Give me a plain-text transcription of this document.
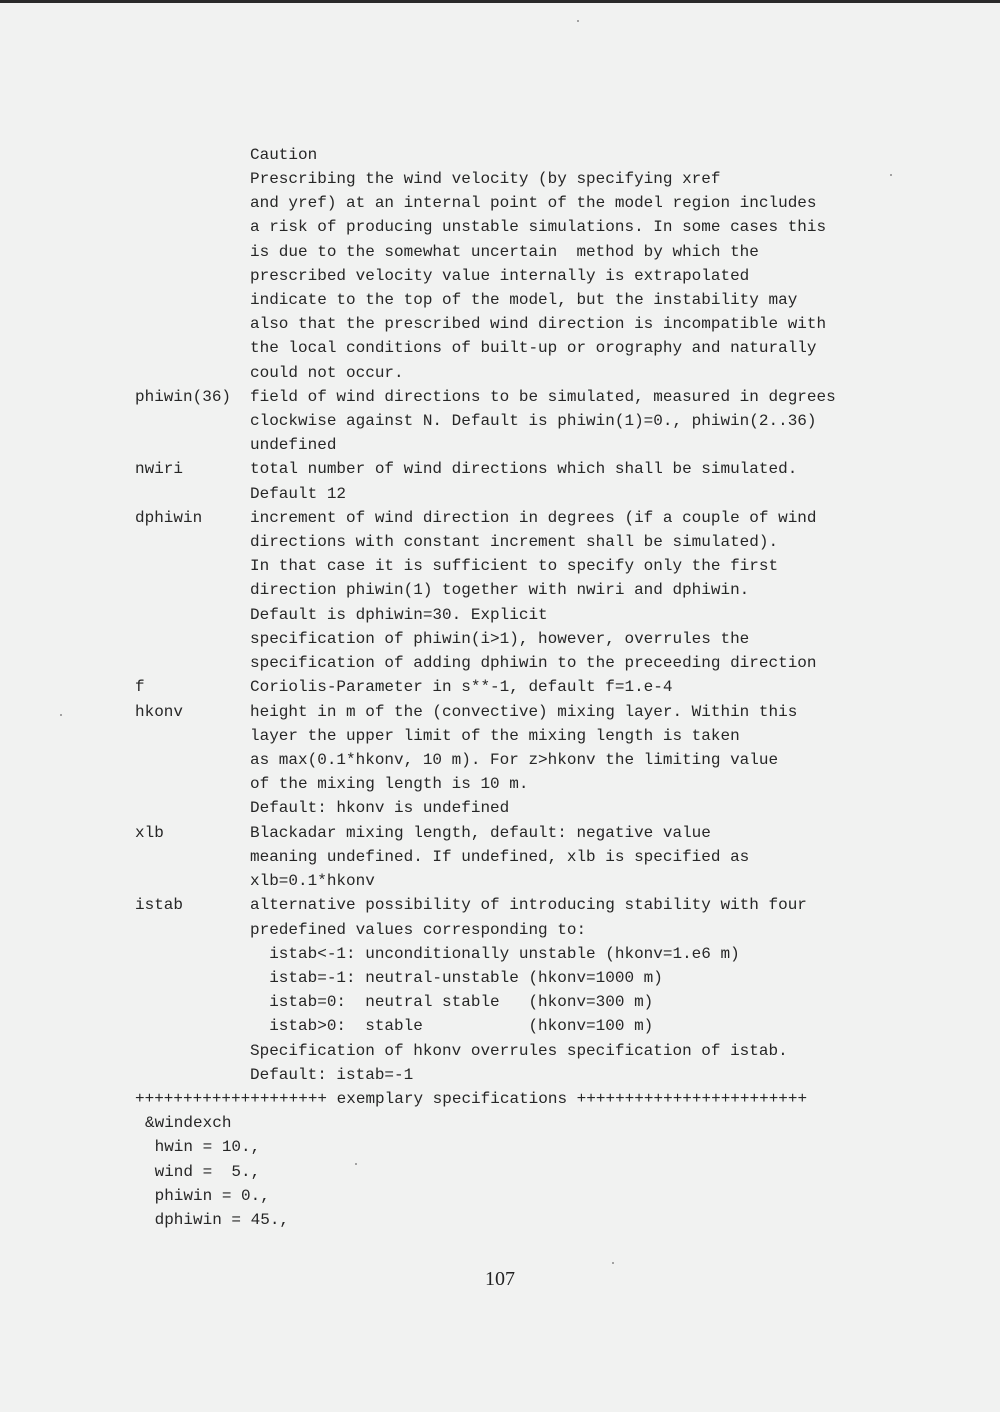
Caution
Prescribing the wind velocity (by specifying xref
and yref) at an internal point of the model region includes
a risk of producing unstable simulations. In some cases this
is due to the somewhat uncertain  method by which the
prescribed velocity value internally is extrapolated
indicate to the top of the model, but the instability may
also that the prescribed wind direction is incompatible with
the local conditions of built-up or orography and naturally
could not occur.
phiwin(36) field of wind directions to be simulated, measured in degrees
clockwise against N. Default is phiwin(1)=0., phiwin(2..36)
undefined
nwiri	total number of wind directions which shall be simulated.
Default 12
dphiwin	increment of wind direction in degrees (if a couple of wind
directions with constant increment shall be simulated).
In that case it is sufficient to specify only the first
direction phiwin(1) together with nwiri and dphiwin.
Default is dphiwin=30. Explicit
specification of phiwin(i>1), however, overrules the
specification of adding dphiwin to the preceeding direction
f	Coriolis-Parameter in s**-1, default f=1.e-4
hkonv	height in m of the (convective) mixing layer. Within this
layer the upper limit of the mixing length is taken
as max(0.1*hkonv, 10 m). For z>hkonv the limiting value
of the mixing length is 10 m.
Default: hkonv is undefined
xlb	Blackadar mixing length, default: negative value
meaning undefined. If undefined, xlb is specified as
xlb=0.1*hkonv
istab	alternative possibility of introducing stability with four
predefined values corresponding to:
istab<-1: unconditionally unstable (hkonv=1.e6 m)
istab=-1: neutral-unstable (hkonv=1000 m)
istab=0:  neutral stable   (hkonv=300 m)
istab>0:  stable           (hkonv=100 m)
Specification of hkonv overrules specification of istab.
Default: istab=-1
++++++++++++++++++++ exemplary specifications ++++++++++++++++++++++++
&windexch
hwin = 10.,
wind =  5.,
phiwin = 0.,
dphiwin = 45.,
107
